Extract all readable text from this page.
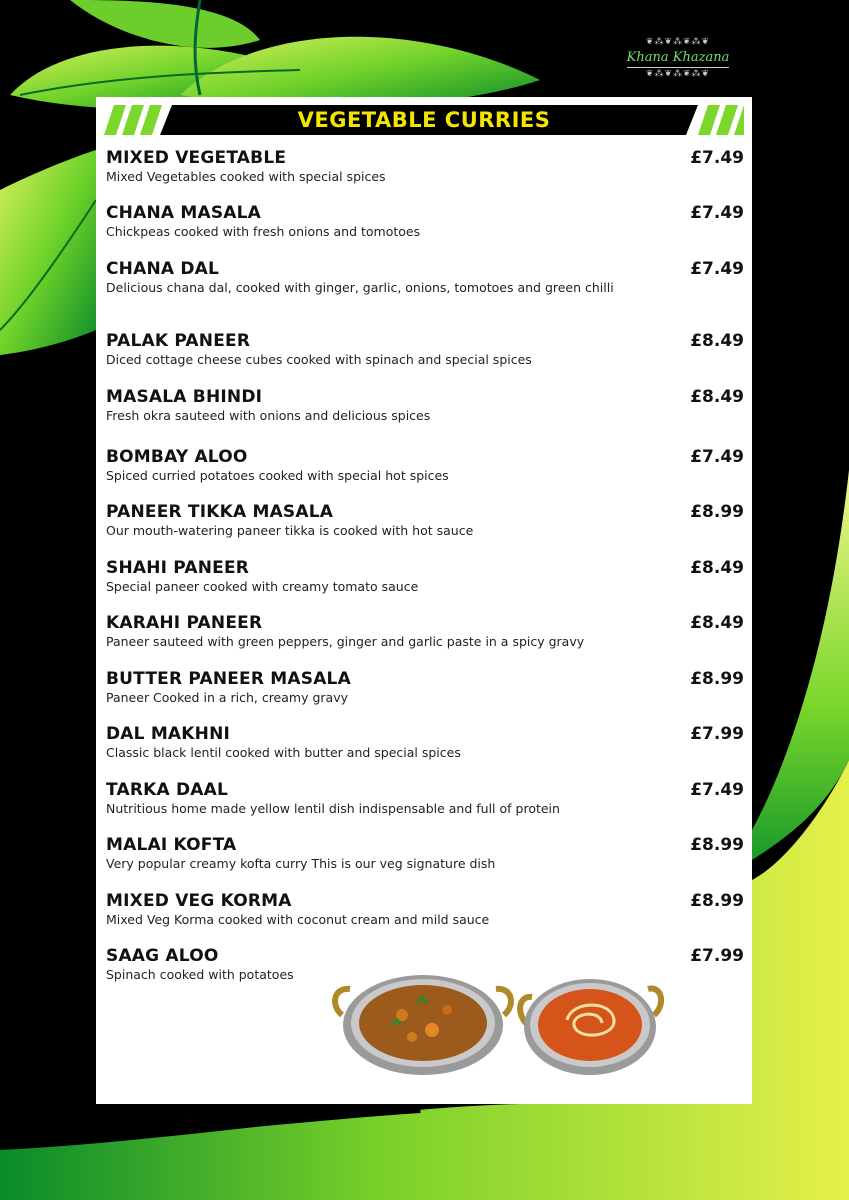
❦⁂❦⁂❦⁂❦
Khana Khazana
❦⁂❦⁂❦⁂❦
VEGETABLE CURRIES
MIXED VEGETABLE
Mixed Vegetables cooked with special spices
£7.49
CHANA MASALA
Chickpeas cooked with fresh onions and tomotoes
£7.49
CHANA DAL
Delicious chana dal, cooked with ginger, garlic, onions, tomotoes and green chilli
£7.49
PALAK PANEER
Diced cottage cheese cubes cooked with spinach and special spices
£8.49
MASALA BHINDI
Fresh okra sauteed with onions and delicious spices
£8.49
BOMBAY ALOO
Spiced curried potatoes cooked with special hot spices
£7.49
PANEER TIKKA MASALA
Our mouth-watering paneer tikka is cooked with hot sauce
£8.99
SHAHI PANEER
Special paneer cooked with creamy tomato sauce
£8.49
KARAHI PANEER
Paneer sauteed with green peppers, ginger and garlic paste in a spicy gravy
£8.49
BUTTER PANEER MASALA
Paneer Cooked in a rich, creamy gravy
£8.99
DAL MAKHNI
Classic black lentil cooked with butter and special spices
£7.99
TARKA DAAL
Nutritious home made yellow lentil dish indispensable and full of protein
£7.49
MALAI KOFTA
Very popular creamy kofta curry This is our veg signature dish
£8.99
MIXED VEG KORMA
Mixed Veg Korma cooked with coconut cream and mild sauce
£8.99
SAAG ALOO
Spinach cooked with potatoes
£7.99
